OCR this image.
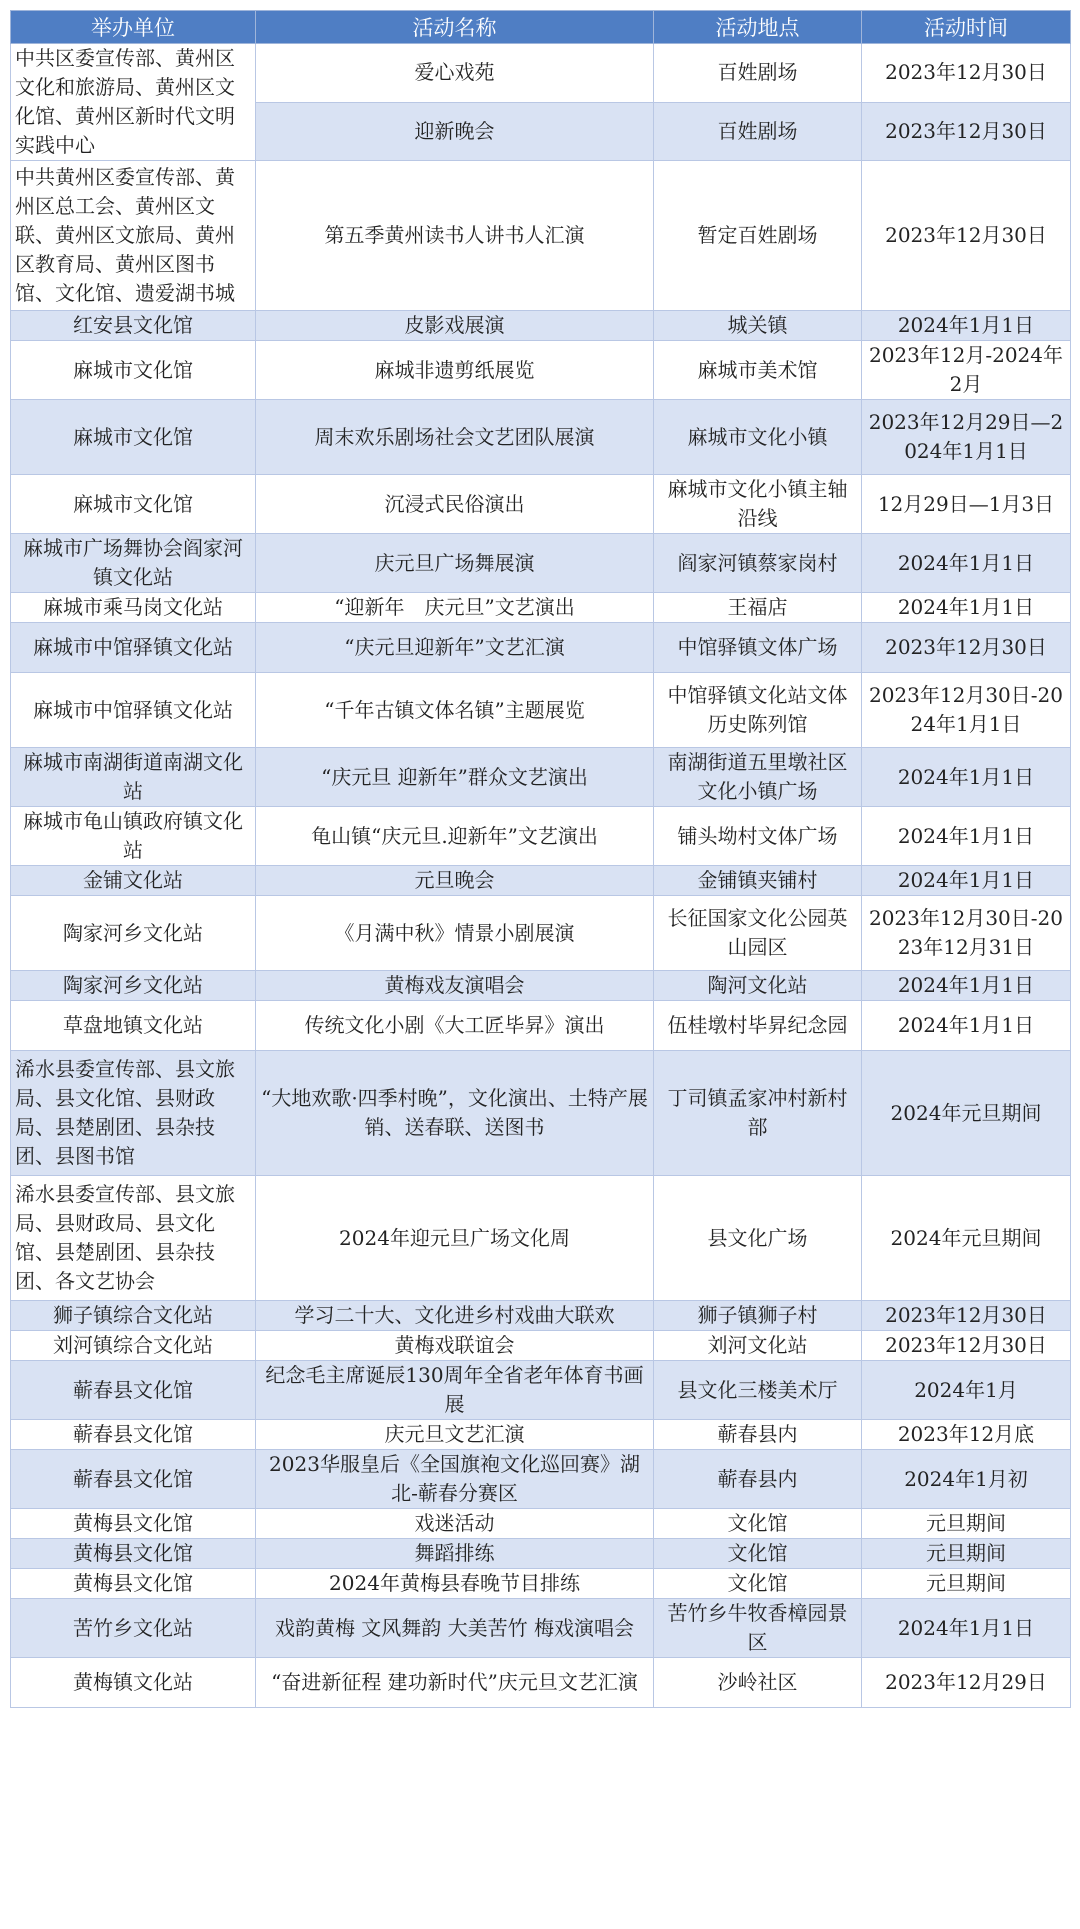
举办单位	活动名称	活动地点	活动时间
中共区委宣传部、黄州区文化和旅游局、黄州区文化馆、黄州区新时代文明实践中心	爱心戏苑	百姓剧场	2023年12月30日
	迎新晚会	百姓剧场	2023年12月30日
中共黄州区委宣传部、黄州区总工会、黄州区文联、黄州区文旅局、黄州区教育局、黄州区图书馆、文化馆、遗爱湖书城	第五季黄州读书人讲书人汇演	暂定百姓剧场	2023年12月30日
红安县文化馆	皮影戏展演	城关镇	2024年1月1日
麻城市文化馆	麻城非遗剪纸展览	麻城市美术馆	2023年12月-2024年2月
麻城市文化馆	周末欢乐剧场社会文艺团队展演	麻城市文化小镇	2023年12月29日—2024年1月1日
麻城市文化馆	沉浸式民俗演出	麻城市文化小镇主轴沿线	12月29日—1月3日
麻城市广场舞协会阎家河镇文化站	庆元旦广场舞展演	阎家河镇蔡家岗村	2024年1月1日
麻城市乘马岗文化站	“迎新年　庆元旦”文艺演出	王福店	2024年1月1日
麻城市中馆驿镇文化站	“庆元旦迎新年”文艺汇演	中馆驿镇文体广场	2023年12月30日
麻城市中馆驿镇文化站	“千年古镇文体名镇”主题展览	中馆驿镇文化站文体历史陈列馆	2023年12月30日-2024年1月1日
麻城市南湖街道南湖文化站	“庆元旦 迎新年”群众文艺演出	南湖街道五里墩社区文化小镇广场	2024年1月1日
麻城市龟山镇政府镇文化站	龟山镇“庆元旦.迎新年”文艺演出	铺头坳村文体广场	2024年1月1日
金铺文化站	元旦晚会	金铺镇夹铺村	2024年1月1日
陶家河乡文化站	《月满中秋》情景小剧展演	长征国家文化公园英山园区	2023年12月30日-2023年12月31日
陶家河乡文化站	黄梅戏友演唱会	陶河文化站	2024年1月1日
草盘地镇文化站	传统文化小剧《大工匠毕昇》演出	伍桂墩村毕昇纪念园	2024年1月1日
浠水县委宣传部、县文旅局、县文化馆、县财政局、县楚剧团、县杂技团、县图书馆	“大地欢歌·四季村晚”，文化演出、土特产展销、送春联、送图书	丁司镇孟家冲村新村部	2024年元旦期间
浠水县委宣传部、县文旅局、县财政局、县文化馆、县楚剧团、县杂技团、各文艺协会	2024年迎元旦广场文化周	县文化广场	2024年元旦期间
狮子镇综合文化站	学习二十大、文化进乡村戏曲大联欢	狮子镇狮子村	2023年12月30日
刘河镇综合文化站	黄梅戏联谊会	刘河文化站	2023年12月30日
蕲春县文化馆	纪念毛主席诞辰130周年全省老年体育书画展	县文化三楼美术厅	2024年1月
蕲春县文化馆	庆元旦文艺汇演	蕲春县内	2023年12月底
蕲春县文化馆	2023华服皇后《全国旗袍文化巡回赛》湖北-蕲春分赛区	蕲春县内	2024年1月初
黄梅县文化馆	戏迷活动	文化馆	元旦期间
黄梅县文化馆	舞蹈排练	文化馆	元旦期间
黄梅县文化馆	2024年黄梅县春晚节目排练	文化馆	元旦期间
苦竹乡文化站	戏韵黄梅 文风舞韵 大美苦竹 梅戏演唱会	苦竹乡牛牧香樟园景区	2024年1月1日
黄梅镇文化站	“奋进新征程 建功新时代”庆元旦文艺汇演	沙岭社区	2023年12月29日
